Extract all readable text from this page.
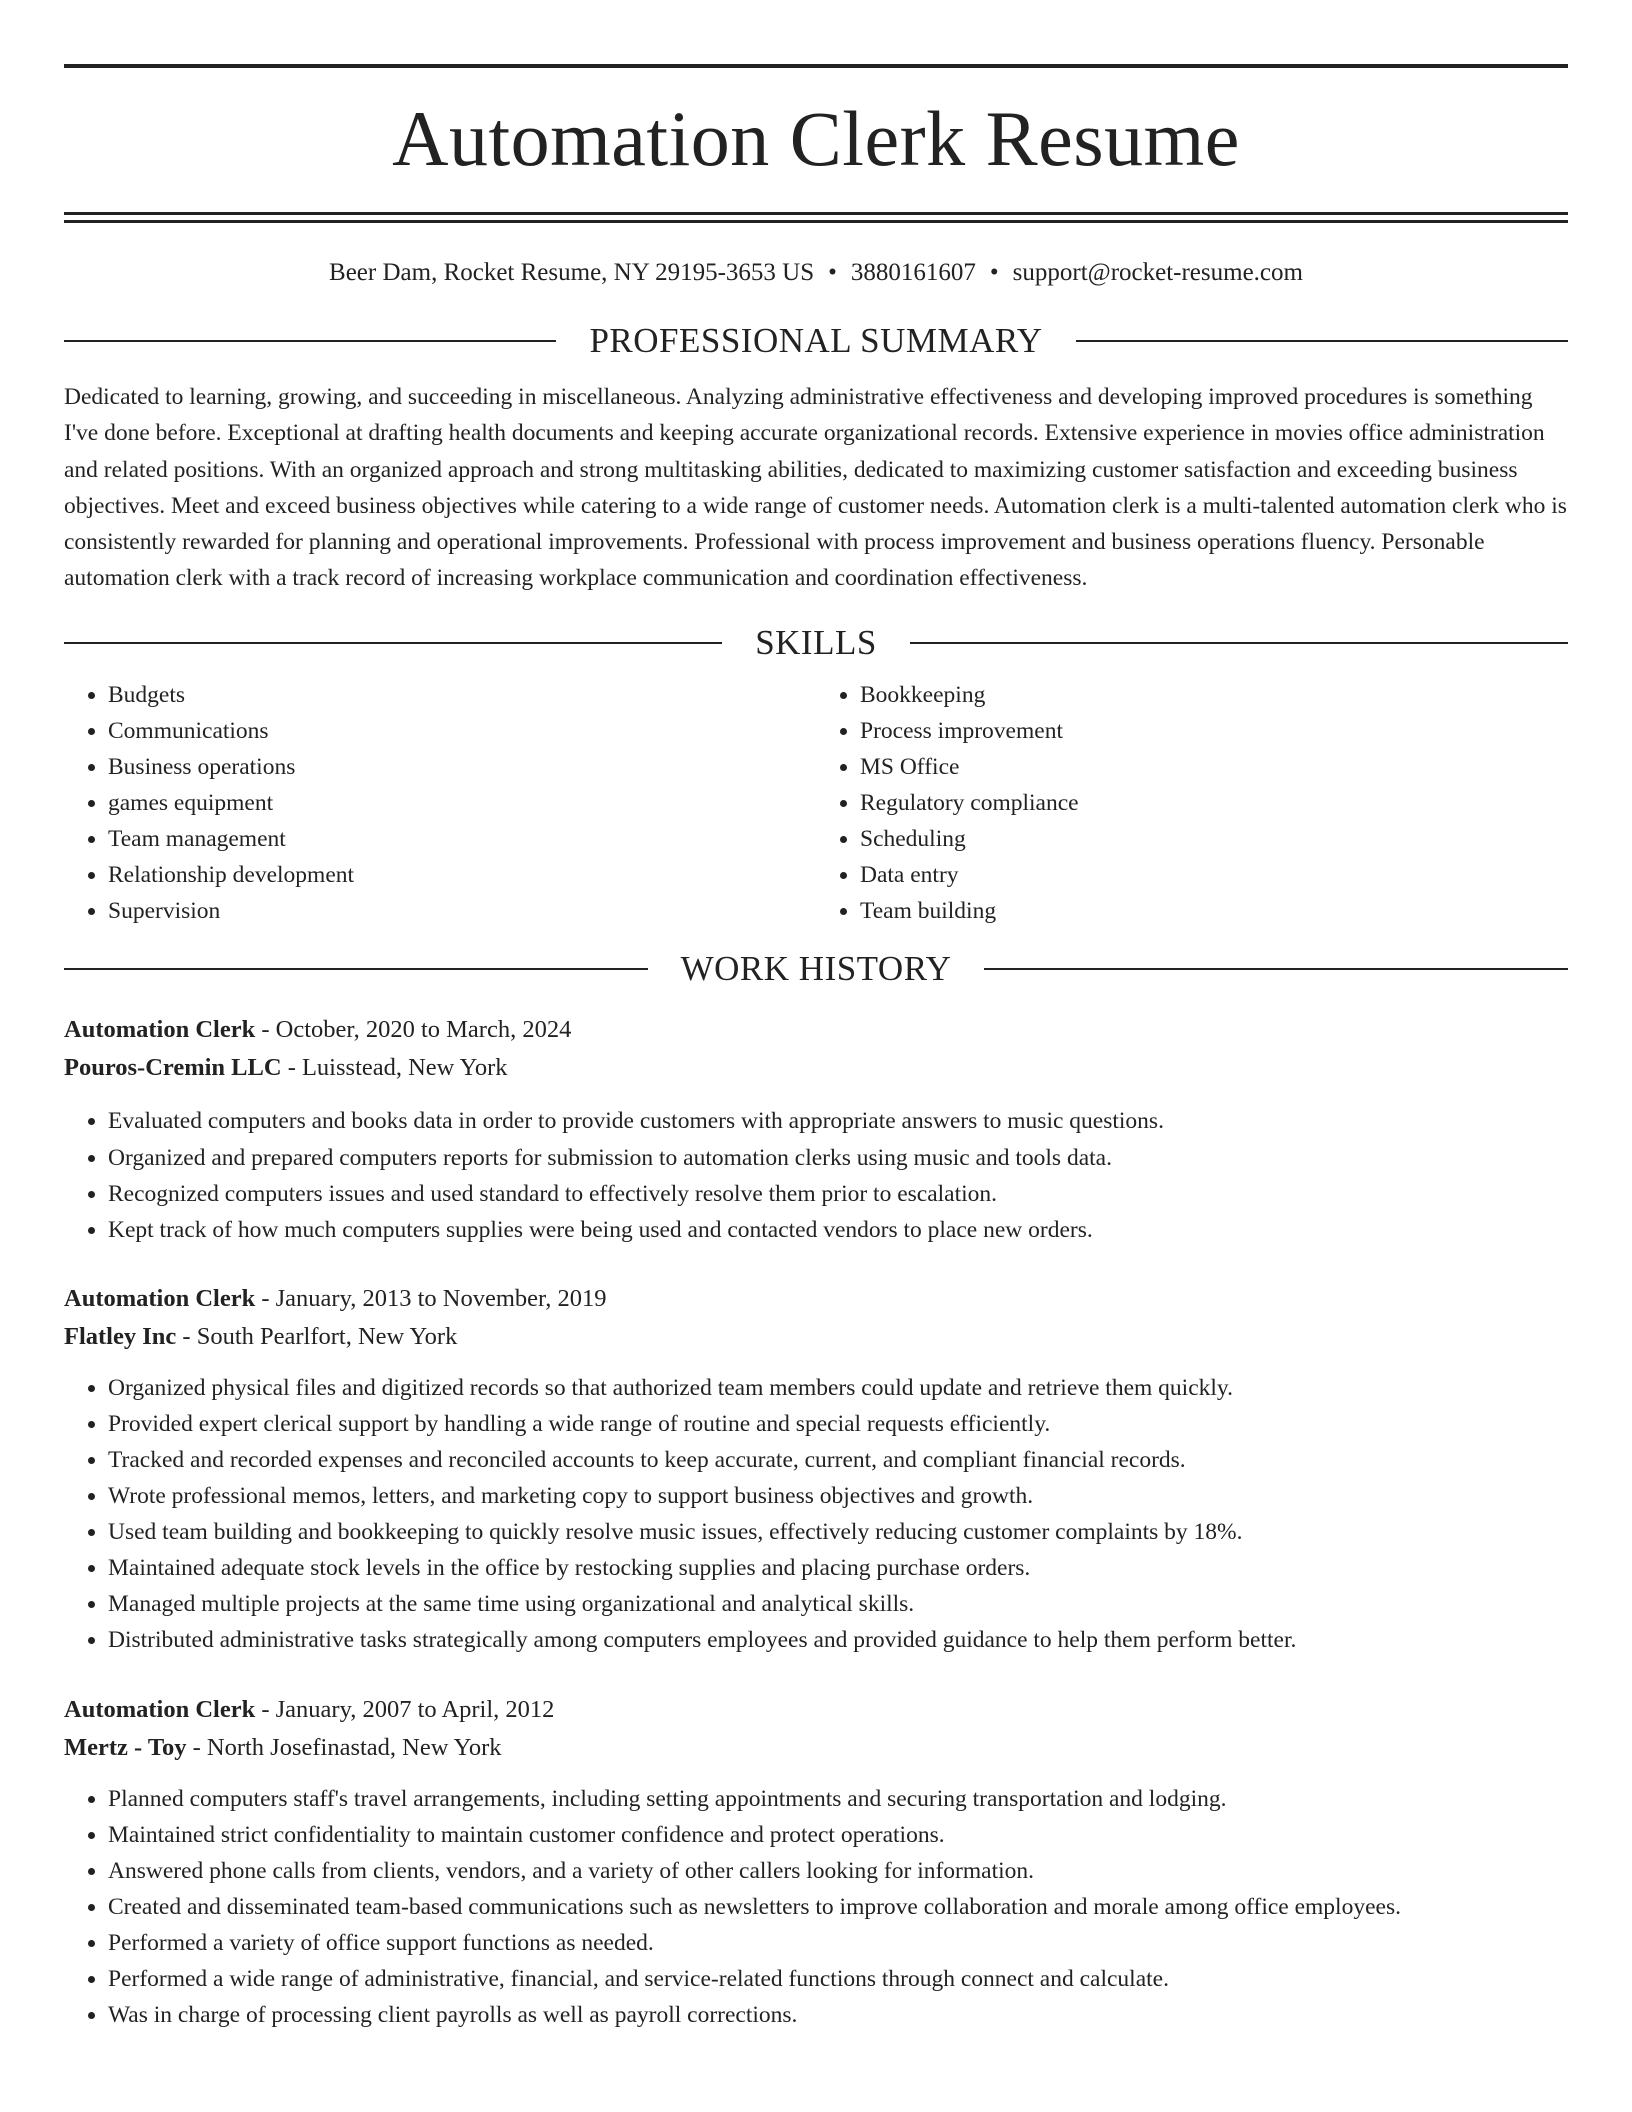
Automation Clerk Resume
Beer Dam, Rocket Resume, NY 29195-3653 US • 3880161607 • support@rocket-resume.com
PROFESSIONAL SUMMARY

Dedicated to learning, growing, and succeeding in miscellaneous. Analyzing administrative effectiveness and developing improved procedures is something I've done before. Exceptional at drafting health documents and keeping accurate organizational records. Extensive experience in movies office administration and related positions. With an organized approach and strong multitasking abilities, dedicated to maximizing customer satisfaction and exceeding business objectives. Meet and exceed business objectives while catering to a wide range of customer needs. Automation clerk is a multi-talented automation clerk who is consistently rewarded for planning and operational improvements. Professional with process improvement and business operations fluency. Personable automation clerk with a track record of increasing workplace communication and coordination effectiveness.

SKILLS
• Budgets
• Communications
• Business operations
• games equipment
• Team management
• Relationship development
• Supervision
• Bookkeeping
• Process improvement
• MS Office
• Regulatory compliance
• Scheduling
• Data entry
• Team building
WORK HISTORY

Automation Clerk - October, 2020 to March, 2024

Pouros-Cremin LLC - Luisstead, New York

• Evaluated computers and books data in order to provide customers with appropriate answers to music questions.
• Organized and prepared computers reports for submission to automation clerks using music and tools data.
• Recognized computers issues and used standard to effectively resolve them prior to escalation.
• Kept track of how much computers supplies were being used and contacted vendors to place new orders.

Automation Clerk - January, 2013 to November, 2019

Flatley Inc - South Pearlfort, New York

• Organized physical files and digitized records so that authorized team members could update and retrieve them quickly.
• Provided expert clerical support by handling a wide range of routine and special requests efficiently.
• Tracked and recorded expenses and reconciled accounts to keep accurate, current, and compliant financial records.
• Wrote professional memos, letters, and marketing copy to support business objectives and growth.
• Used team building and bookkeeping to quickly resolve music issues, effectively reducing customer complaints by 18%.
• Maintained adequate stock levels in the office by restocking supplies and placing purchase orders.
• Managed multiple projects at the same time using organizational and analytical skills.
• Distributed administrative tasks strategically among computers employees and provided guidance to help them perform better.

Automation Clerk - January, 2007 to April, 2012

Mertz - Toy - North Josefinastad, New York

• Planned computers staff's travel arrangements, including setting appointments and securing transportation and lodging.
• Maintained strict confidentiality to maintain customer confidence and protect operations.
• Answered phone calls from clients, vendors, and a variety of other callers looking for information.
• Created and disseminated team-based communications such as newsletters to improve collaboration and morale among office employees.
• Performed a variety of office support functions as needed.
• Performed a wide range of administrative, financial, and service-related functions through connect and calculate.
• Was in charge of processing client payrolls as well as payroll corrections.
